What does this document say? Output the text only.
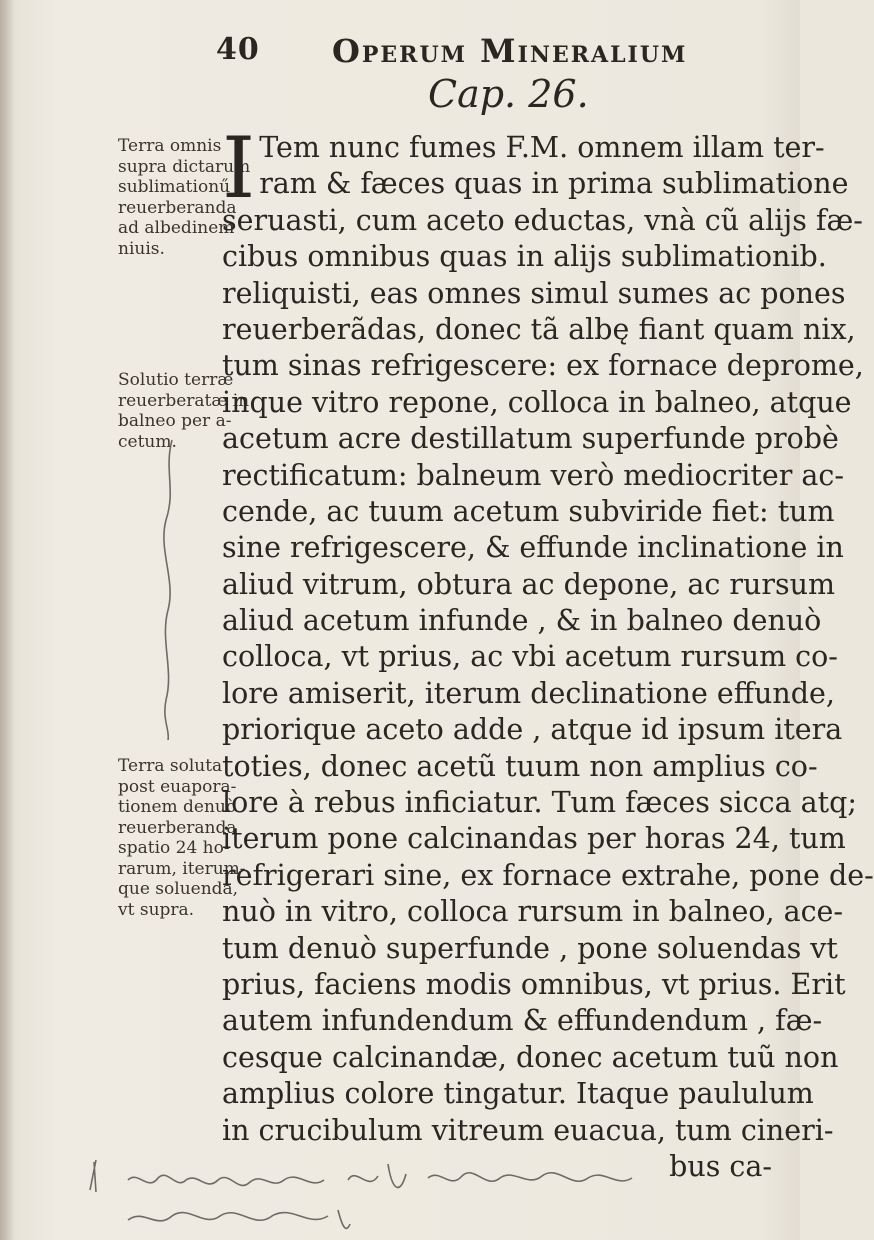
40 Operum Mineralium
Cap. 26.
Terra omnis
supra dictarum
sublimationű
reuerberanda
ad albedinem
niuis.
Solutio terræ
reuerberatæ in
balneo per a-
cetum.
Terra soluta
post euapora-
tionem denuò
reuerberanda
spatio 24 ho-
rarum, iterum-
que soluenda,
vt supra.
I Tem nunc fumes F.M. omnem illam ter-
ram & fæces quas in prima sublimatione
seruasti, cum aceto eductas, vnà cũ alijs fæ-
cibus omnibus quas in alijs sublimationib.
reliquisti, eas omnes simul sumes ac pones
reuerberãdas, donec tã albę fiant quam nix,
tum sinas refrigescere: ex fornace deprome,
inque vitro repone, colloca in balneo, atque
acetum acre destillatum superfunde probè
rectificatum: balneum verò mediocriter ac-
cende, ac tuum acetum subviride fiet: tum
sine refrigescere, & effunde inclinatione in
aliud vitrum, obtura ac depone, ac rursum
aliud acetum infunde , & in balneo denuò
colloca, vt prius, ac vbi acetum rursum co-
lore amiserit, iterum declinatione effunde,
priorique aceto adde , atque id ipsum itera
toties, donec acetũ tuum non amplius co-
lore à rebus inficiatur. Tum fæces sicca atq;
iterum pone calcinandas per horas 24, tum
refrigerari sine, ex fornace extrahe, pone de-
nuò in vitro, colloca rursum in balneo, ace-
tum denuò superfunde , pone soluendas vt
prius, faciens modis omnibus, vt prius. Erit
autem infundendum & effundendum , fæ-
cesque calcinandæ, donec acetum tuũ non
amplius colore tingatur. Itaque paululum
in crucibulum vitreum euacua, tum cineri-
bus ca-
